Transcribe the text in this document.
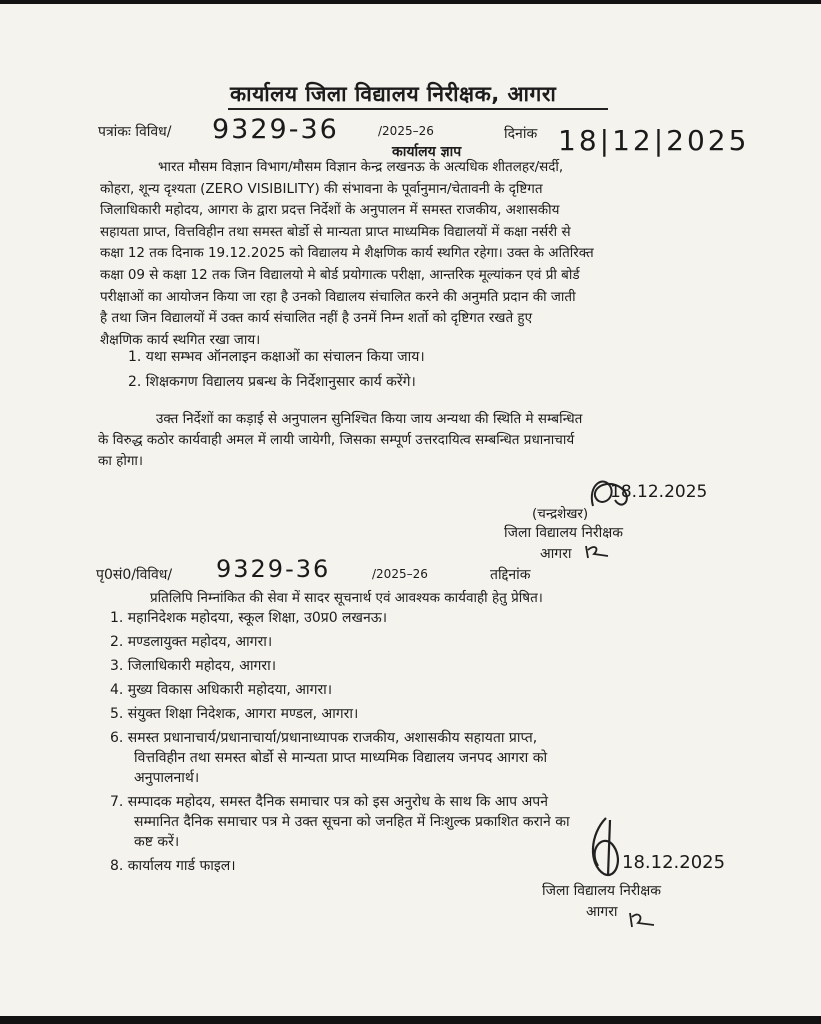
कार्यालय जिला विद्यालय निरीक्षक, आगरा
पत्रांकः विविध/ 9329-36	/2025–26	दिनांक 18|12|2025
कार्यालय ज्ञाप
भारत मौसम विज्ञान विभाग/मौसम विज्ञान केन्द्र लखनऊ के अत्यधिक शीतलहर/सर्दी,
कोहरा, शून्य दृश्यता (ZERO VISIBILITY) की संभावना के पूर्वानुमान/चेतावनी के दृष्टिगत
जिलाधिकारी महोदय, आगरा के द्वारा प्रदत्त निर्देशों के अनुपालन में समस्त राजकीय, अशासकीय
सहायता प्राप्त, वित्तविहीन तथा समस्त बोर्डो से मान्यता प्राप्त माध्यमिक विद्यालयों में कक्षा नर्सरी से
कक्षा 12 तक दिनाक 19.12.2025 को विद्यालय मे शैक्षणिक कार्य स्थगित रहेगा। उक्त के अतिरिक्त
कक्षा 09 से कक्षा 12 तक जिन विद्यालयो मे बोर्ड प्रयोगात्क परीक्षा, आन्तरिक मूल्यांकन एवं प्री बोर्ड
परीक्षाओं का आयोजन किया जा रहा है उनको विद्यालय संचालित करने की अनुमति प्रदान की जाती
है तथा जिन विद्यालयों में उक्त कार्य संचालित नहीं है उनमें निम्न शर्तो को दृष्टिगत रखते हुए
शैक्षणिक कार्य स्थगित रखा जाय।
1. यथा सम्भव ऑनलाइन कक्षाओं का संचालन किया जाय।
2. शिक्षकगण विद्यालय प्रबन्ध के निर्देशानुसार कार्य करेंगे।
उक्त निर्देशों का कड़ाई से अनुपालन सुनिश्चित किया जाय अन्यथा की स्थिति मे सम्बन्धित
के विरुद्ध कठोर कार्यवाही अमल में लायी जायेगी, जिसका सम्पूर्ण उत्तरदायित्व सम्बन्धित प्रधानाचार्य
का होगा।
(चन्द्रशेखर)
18.12.2025
जिला विद्यालय निरीक्षक
आगरा
पृ0सं0/विविध/ 9329-36	/2025–26	तद्दिनांक
प्रतिलिपि निम्नांकित की सेवा में सादर सूचनार्थ एवं आवश्यक कार्यवाही हेतु प्रेषित।
1. महानिदेशक महोदया, स्कूल शिक्षा, उ0प्र0 लखनऊ।
2. मण्डलायुक्त महोदय, आगरा।
3. जिलाधिकारी महोदय, आगरा।
4. मुख्य विकास अधिकारी महोदया, आगरा।
5. संयुक्त शिक्षा निदेशक, आगरा मण्डल, आगरा।
6. समस्त प्रधानाचार्य/प्रधानाचार्या/प्रधानाध्यापक राजकीय, अशासकीय सहायता प्राप्त,
वित्तविहीन तथा समस्त बोर्डो से मान्यता प्राप्त माध्यमिक विद्यालय जनपद आगरा को
अनुपालनार्थ।
7. सम्पादक महोदय, समस्त दैनिक समाचार पत्र को इस अनुरोध के साथ कि आप अपने
सम्मानित दैनिक समाचार पत्र मे उक्त सूचना को जनहित में निःशुल्क प्रकाशित कराने का
कष्ट करें।
8. कार्यालय गार्ड फाइल।	18.12.2025
जिला विद्यालय निरीक्षक
आगरा
